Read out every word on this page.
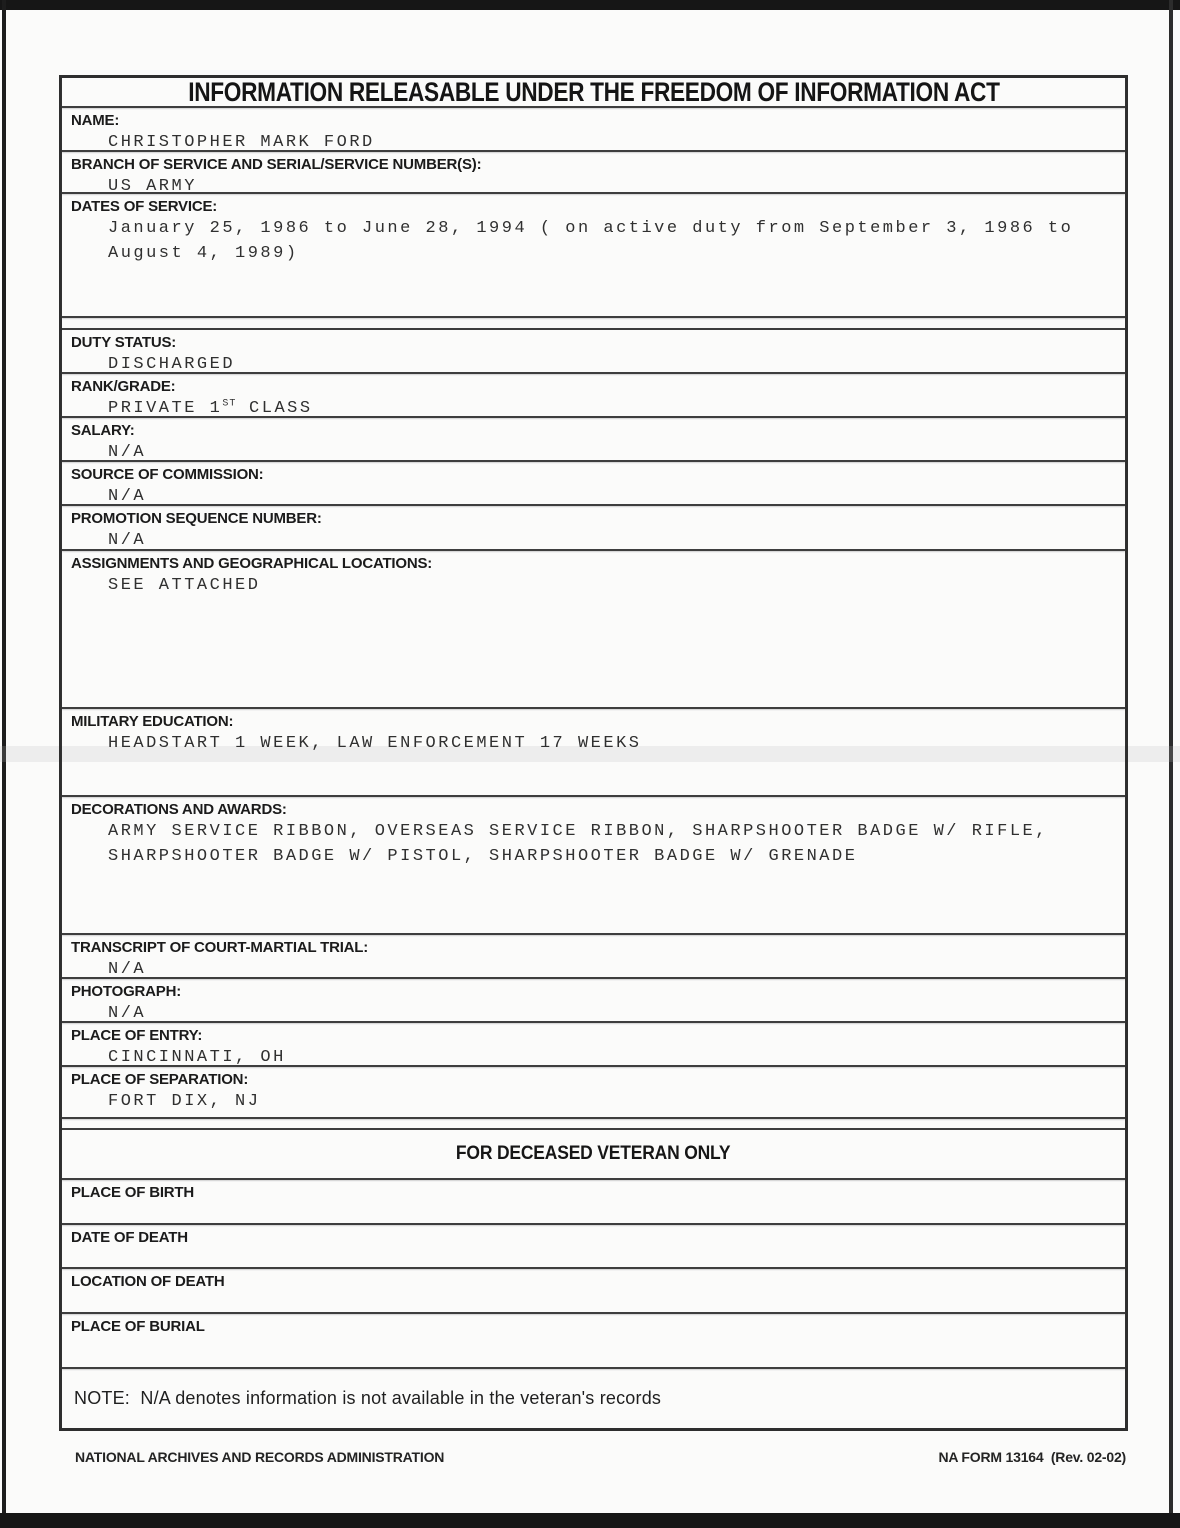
INFORMATION RELEASABLE UNDER THE FREEDOM OF INFORMATION ACT
NAME:
CHRISTOPHER MARK FORD
BRANCH OF SERVICE AND SERIAL/SERVICE NUMBER(S):
US ARMY
DATES OF SERVICE:
January 25, 1986 to June 28, 1994 ( on active duty from September 3, 1986 to August 4, 1989)
DUTY STATUS:
DISCHARGED
RANK/GRADE:
PRIVATE 1ST CLASS
SALARY:
N/A
SOURCE OF COMMISSION:
N/A
PROMOTION SEQUENCE NUMBER:
N/A
ASSIGNMENTS AND GEOGRAPHICAL LOCATIONS:
SEE ATTACHED
MILITARY EDUCATION:
HEADSTART 1 WEEK, LAW ENFORCEMENT 17 WEEKS
DECORATIONS AND AWARDS:
ARMY SERVICE RIBBON, OVERSEAS SERVICE RIBBON, SHARPSHOOTER BADGE W/ RIFLE, SHARPSHOOTER BADGE W/ PISTOL, SHARPSHOOTER BADGE W/ GRENADE
TRANSCRIPT OF COURT-MARTIAL TRIAL:
N/A
PHOTOGRAPH:
N/A
PLACE OF ENTRY:
CINCINNATI, OH
PLACE OF SEPARATION:
FORT DIX, NJ
FOR DECEASED VETERAN ONLY
PLACE OF BIRTH
DATE OF DEATH
LOCATION OF DEATH
PLACE OF BURIAL
NOTE:  N/A denotes information is not available in the veteran's records
NATIONAL ARCHIVES AND RECORDS ADMINISTRATION	NA FORM 13164  (Rev. 02-02)
